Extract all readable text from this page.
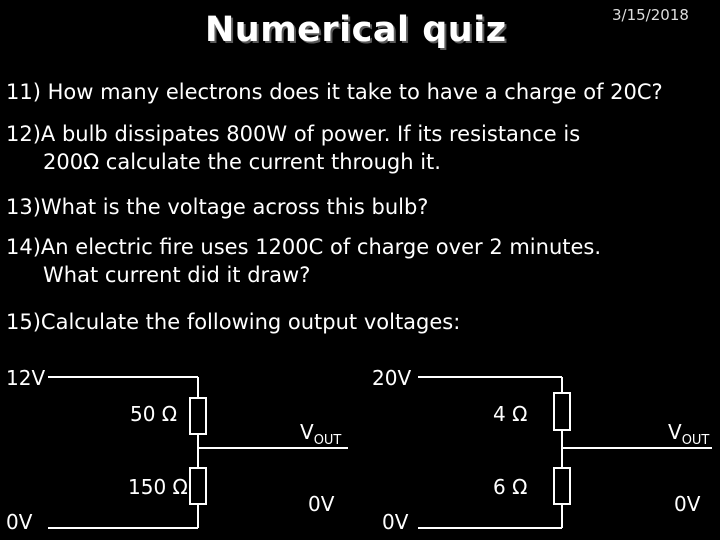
Numerical quiz	3/15/2018
11) How many electrons does it take to have a charge of 20C?
12)A bulb dissipates 800W of power. If its resistance is
200Ω calculate the current through it.
13)What is the voltage across this bulb?
14)An electric fire uses 1200C of charge over 2 minutes.
What current did it draw?
15)Calculate the following output voltages:
12V
0V
50 Ω
150 Ω
$V_{OUT}$
0V
20V
0V
4 Ω
6 Ω
$V_{OUT}$
0V
